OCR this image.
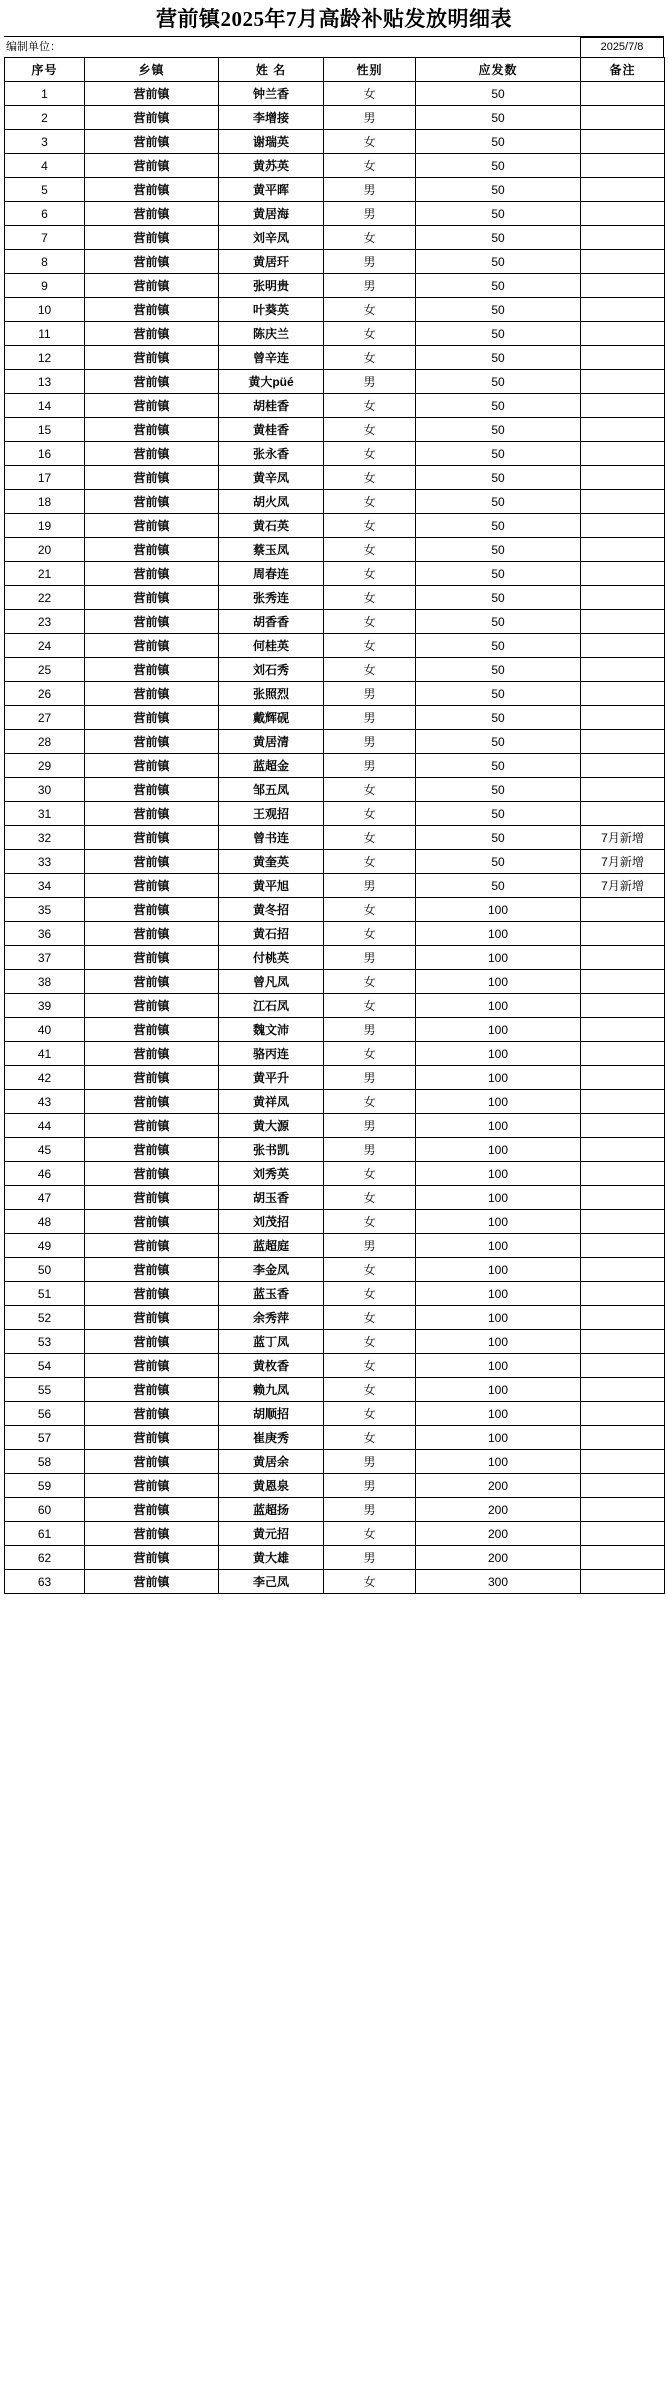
营前镇2025年7月高龄补贴发放明细表
编制单位：	2025/7/8
序号	乡镇	姓 名	性别	应发数	备注
1	营前镇	钟兰香	女	50	
2	营前镇	李增接	男	50	
3	营前镇	谢瑞英	女	50	
4	营前镇	黄苏英	女	50	
5	营前镇	黄平晖	男	50	
6	营前镇	黄居海	男	50	
7	营前镇	刘辛凤	女	50	
8	营前镇	黄居玕	男	50	
9	营前镇	张明贵	男	50	
10	营前镇	叶葵英	女	50	
11	营前镇	陈庆兰	女	50	
12	营前镇	曾辛连	女	50	
13	营前镇	黄大püé	男	50	
14	营前镇	胡桂香	女	50	
15	营前镇	黄桂香	女	50	
16	营前镇	张永香	女	50	
17	营前镇	黄辛凤	女	50	
18	营前镇	胡火凤	女	50	
19	营前镇	黄石英	女	50	
20	营前镇	蔡玉凤	女	50	
21	营前镇	周春连	女	50	
22	营前镇	张秀连	女	50	
23	营前镇	胡香香	女	50	
24	营前镇	何桂英	女	50	
25	营前镇	刘石秀	女	50	
26	营前镇	张照烈	男	50	
27	营前镇	戴辉砚	男	50	
28	营前镇	黄居清	男	50	
29	营前镇	蓝超金	男	50	
30	营前镇	邹五凤	女	50	
31	营前镇	王观招	女	50	
32	营前镇	曾书连	女	50	7月新增
33	营前镇	黄奎英	女	50	7月新增
34	营前镇	黄平旭	男	50	7月新增
35	营前镇	黄冬招	女	100	
36	营前镇	黄石招	女	100	
37	营前镇	付桃英	男	100	
38	营前镇	曾凡凤	女	100	
39	营前镇	江石凤	女	100	
40	营前镇	魏文沛	男	100	
41	营前镇	骆丙连	女	100	
42	营前镇	黄平升	男	100	
43	营前镇	黄祥凤	女	100	
44	营前镇	黄大源	男	100	
45	营前镇	张书凯	男	100	
46	营前镇	刘秀英	女	100	
47	营前镇	胡玉香	女	100	
48	营前镇	刘茂招	女	100	
49	营前镇	蓝超庭	男	100	
50	营前镇	李金凤	女	100	
51	营前镇	蓝玉香	女	100	
52	营前镇	余秀萍	女	100	
53	营前镇	蓝丁凤	女	100	
54	营前镇	黄枚香	女	100	
55	营前镇	赖九凤	女	100	
56	营前镇	胡顺招	女	100	
57	营前镇	崔庚秀	女	100	
58	营前镇	黄居余	男	100	
59	营前镇	黄恩泉	男	200	
60	营前镇	蓝超扬	男	200	
61	营前镇	黄元招	女	200	
62	营前镇	黄大雄	男	200	
63	营前镇	李己凤	女	300	
